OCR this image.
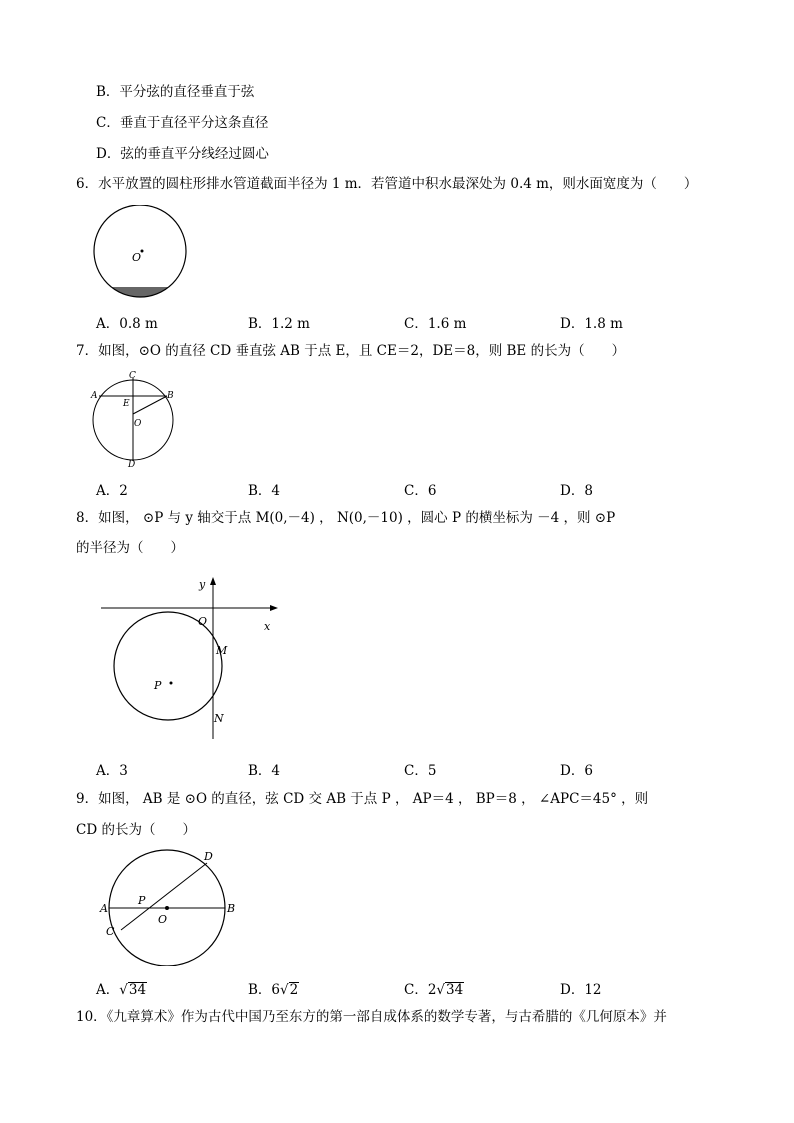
B．平分弦的直径垂直于弦
C．垂直于直径平分这条直径
D．弦的垂直平分线经过圆心
6．水平放置的圆柱形排水管道截面半径为 1 m．若管道中积水最深处为 0.4 m，则水面宽度为（　　）
O
A．0.8 m	B．1.2 m	C．1.6 m	D．1.8 m
7．如图，⊙O 的直径 CD 垂直弦 AB 于点 E，且 CE＝2，DE＝8，则 BE 的长为（　　）
C
A	B
E
O
D
A．2	B．4	C．6	D．8
8．如图， ⊙P 与 y 轴交于点 M(0,－4) ， N(0,－10) ，圆心 P 的横坐标为 －4 ，则 ⊙P
的半径为（　　）
y
x
O
M
N
P
A．3	B．4	C．5	D．6
9．如图， AB 是 ⊙O 的直径，弦 CD 交 AB 于点 P ， AP＝4 ， BP＝8 ， ∠APC＝45° ，则
CD 的长为（　　）
D
A	B
C
P
O
A．√34	B．6√2	C．2√34	D．12
10．《九章算术》作为古代中国乃至东方的第一部自成体系的数学专著，与古希腊的《几何原本》并
